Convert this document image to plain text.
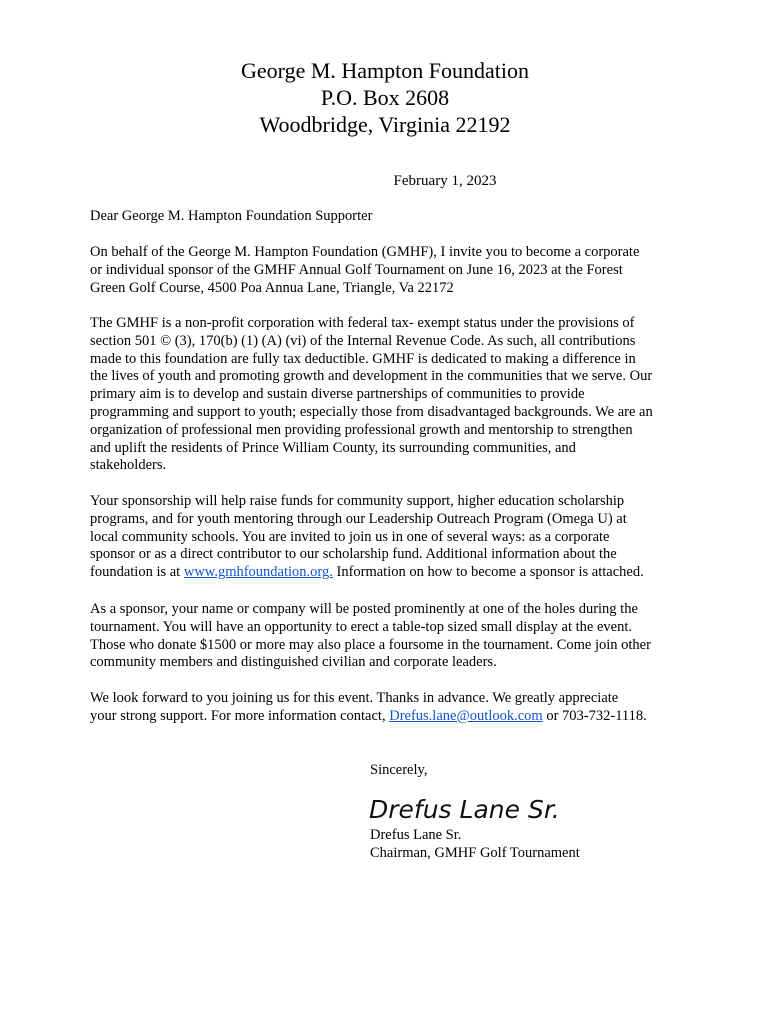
George M. Hampton Foundation
P.O. Box 2608
Woodbridge, Virginia 22192
February 1, 2023
Dear George M. Hampton Foundation Supporter
On behalf of the George M. Hampton Foundation (GMHF), I invite you to become a corporate
or individual sponsor of the GMHF Annual Golf Tournament on June 16, 2023 at the Forest
Green Golf Course, 4500 Poa Annua Lane, Triangle, Va 22172
The GMHF is a non-profit corporation with federal tax- exempt status under the provisions of
section 501 © (3), 170(b) (1) (A) (vi) of the Internal Revenue Code. As such, all contributions
made to this foundation are fully tax deductible. GMHF is dedicated to making a difference in
the lives of youth and promoting growth and development in the communities that we serve. Our
primary aim is to develop and sustain diverse partnerships of communities to provide
programming and support to youth; especially those from disadvantaged backgrounds. We are an
organization of professional men providing professional growth and mentorship to strengthen
and uplift the residents of Prince William County, its surrounding communities, and
stakeholders.
Your sponsorship will help raise funds for community support, higher education scholarship
programs, and for youth mentoring through our Leadership Outreach Program (Omega U) at
local community schools. You are invited to join us in one of several ways: as a corporate
sponsor or as a direct contributor to our scholarship fund. Additional information about the
foundation is at www.gmhfoundation.org. Information on how to become a sponsor is attached.
As a sponsor, your name or company will be posted prominently at one of the holes during the
tournament. You will have an opportunity to erect a table-top sized small display at the event.
Those who donate $1500 or more may also place a foursome in the tournament. Come join other
community members and distinguished civilian and corporate leaders.
We look forward to you joining us for this event. Thanks in advance. We greatly appreciate
your strong support. For more information contact, Drefus.lane@outlook.com or 703-732-1118.
Sincerely,
Drefus Lane Sr.
Drefus Lane Sr.
Chairman, GMHF Golf Tournament
